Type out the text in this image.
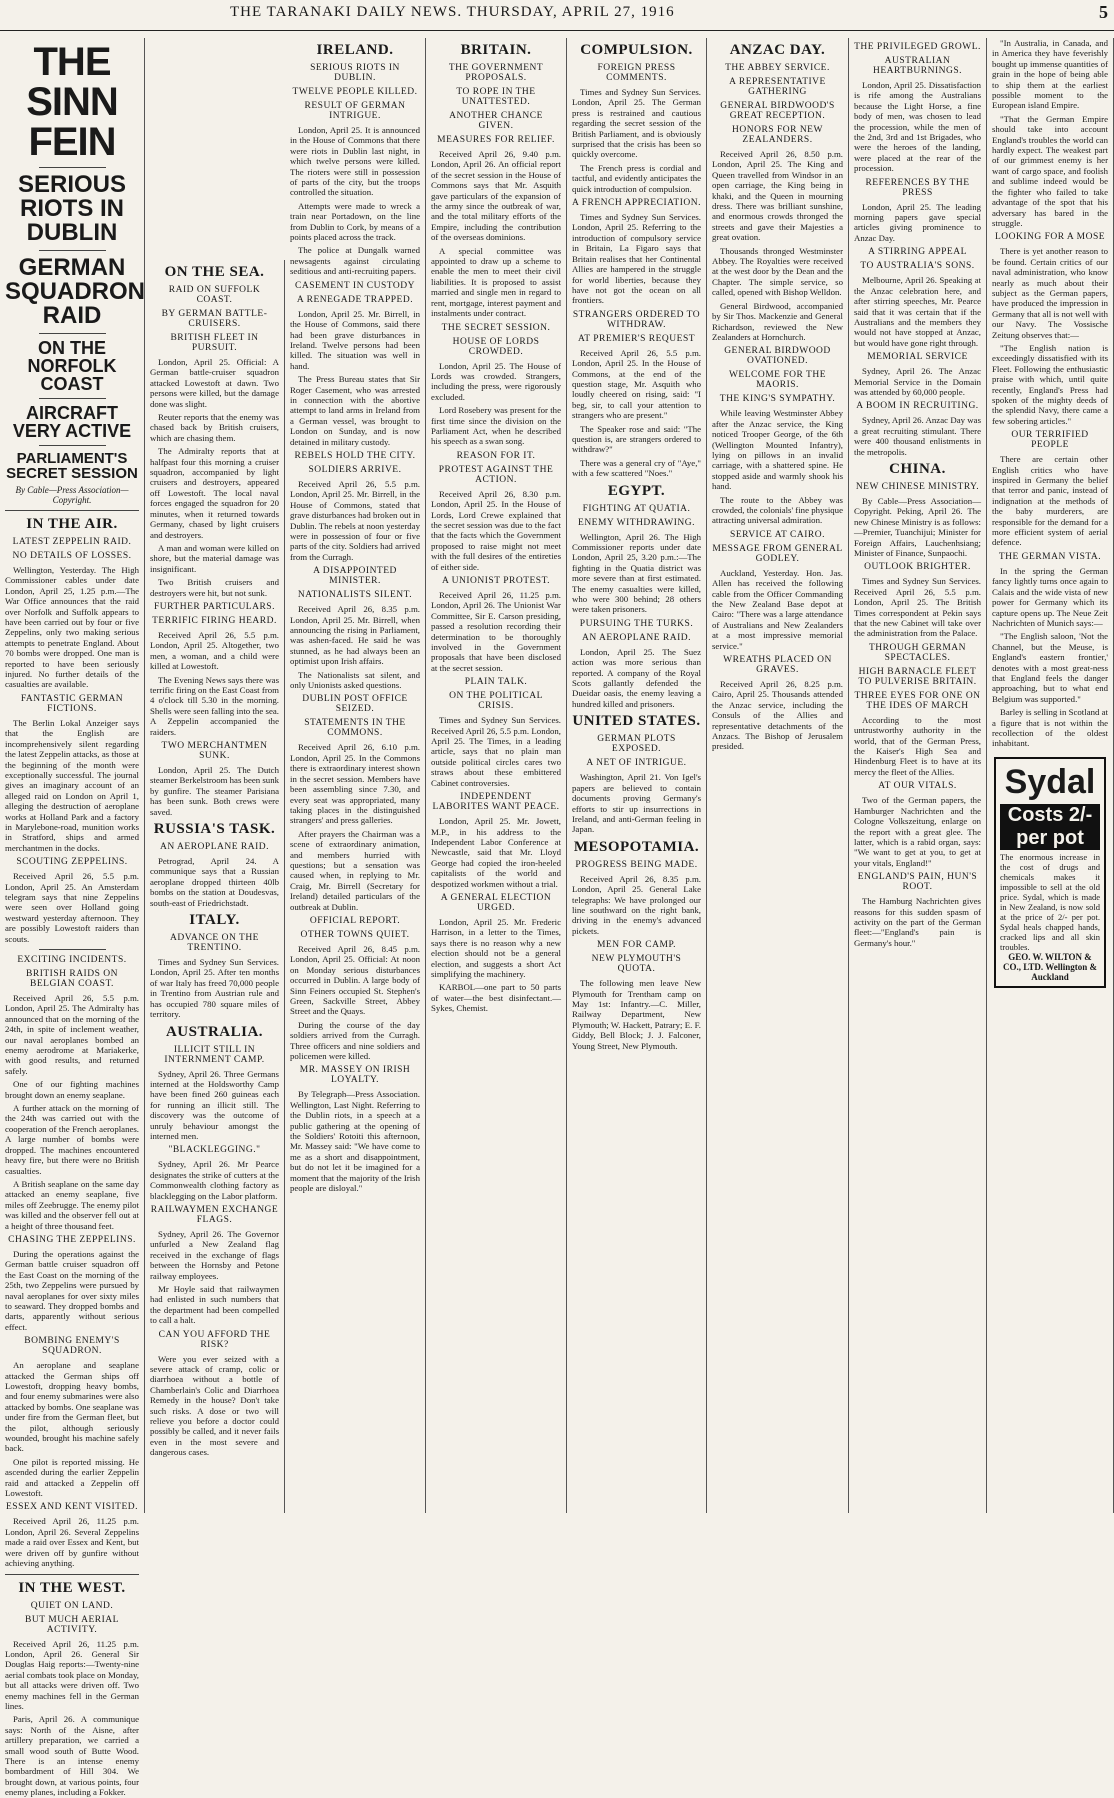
THE TARANAKI DAILY NEWS. THURSDAY, APRIL 27, 1916	5
THE SINN FEIN
SERIOUS RIOTS IN DUBLIN
GERMAN SQUADRON RAID
ON THE NORFOLK COAST
AIRCRAFT VERY ACTIVE
PARLIAMENT'S SECRET SESSION
By Cable—Press Association—Copyright.
IN THE AIR.
LATEST ZEPPELIN RAID.
NO DETAILS OF LOSSES.

Wellington, Yesterday. The High Commissioner cables under date London, April 25, 1.25 p.m.—The War Office announces that the raid over Norfolk and Suffolk appears to have been carried out by four or five Zeppelins, only two making serious attempts to penetrate England. About 70 bombs were dropped. One man is reported to have been seriously injured. No further details of the casualties are available.

FANTASTIC GERMAN FICTIONS.

The Berlin Lokal Anzeiger says that the English are incomprehensively silent regarding the latest Zeppelin attacks, as those at the beginning of the month were exceptionally successful. The journal gives an imaginary account of an alleged raid on London on April 1, alleging the destruction of aeroplane works at Holland Park and a factory in Marylebone-road, munition works in Stratford, ships and armed merchantmen in the docks.

SCOUTING ZEPPELINS.

Received April 26, 5.5 p.m. London, April 25. An Amsterdam telegram says that nine Zeppelins were seen over Holland going westward yesterday afternoon. They are possibly Lowestoft raiders than scouts.

EXCITING INCIDENTS.
BRITISH RAIDS ON BELGIAN COAST.

Received April 26, 5.5 p.m. London, April 25. The Admiralty has announced that on the morning of the 24th, in spite of inclement weather, our naval aeroplanes bombed an enemy aerodrome at Mariakerke, with good results, and returned safely.

One of our fighting machines brought down an enemy seaplane.

A further attack on the morning of the 24th was carried out with the cooperation of the French aeroplanes. A large number of bombs were dropped. The machines encountered heavy fire, but there were no British casualties.

A British seaplane on the same day attacked an enemy seaplane, five miles off Zeebrugge. The enemy pilot was killed and the observer fell out at a height of three thousand feet.

CHASING THE ZEPPELINS.

During the operations against the German battle cruiser squadron off the East Coast on the morning of the 25th, two Zeppelins were pursued by naval aeroplanes for over sixty miles to seaward. They dropped bombs and darts, apparently without serious effect.

BOMBING ENEMY'S SQUADRON.

An aeroplane and seaplane attacked the German ships off Lowestoft, dropping heavy bombs, and four enemy submarines were also attacked by bombs. One seaplane was under fire from the German fleet, but the pilot, although seriously wounded, brought his machine safely back.

One pilot is reported missing. He ascended during the earlier Zeppelin raid and attacked a Zeppelin off Lowestoft.

ESSEX AND KENT VISITED.

Received April 26, 11.25 p.m. London, April 26. Several Zeppelins made a raid over Essex and Kent, but were driven off by gunfire without achieving anything.

IN THE WEST.
QUIET ON LAND.
BUT MUCH AERIAL ACTIVITY.

Received April 26, 11.25 p.m. London, April 26. General Sir Douglas Haig reports:—Twenty-nine aerial combats took place on Monday, but all attacks were driven off. Two enemy machines fell in the German lines.

Paris, April 26. A communique says: North of the Aisne, after artillery preparation, we carried a small wood south of Butte Wood. There is an intense enemy bombardment of Hill 304. We brought down, at various points, four enemy planes, including a Fokker.

ON THE SEA.
RAID ON SUFFOLK COAST.
BY GERMAN BATTLE-CRUISERS.
BRITISH FLEET IN PURSUIT.

London, April 25. Official: A German battle-cruiser squadron attacked Lowestoft at dawn. Two persons were killed, but the damage done was slight.

Reuter reports that the enemy was chased back by British cruisers, which are chasing them.

The Admiralty reports that at halfpast four this morning a cruiser squadron, accompanied by light cruisers and destroyers, appeared off Lowestoft. The local naval forces engaged the squadron for 20 minutes, when it returned towards Germany, chased by light cruisers and destroyers.

A man and woman were killed on shore, but the material damage was insignificant.

Two British cruisers and destroyers were hit, but not sunk.

FURTHER PARTICULARS.
TERRIFIC FIRING HEARD.

Received April 26, 5.5 p.m. London, April 25. Altogether, two men, a woman, and a child were killed at Lowestoft.

The Evening News says there was terrific firing on the East Coast from 4 o'clock till 5.30 in the morning. Shells were seen falling into the sea. A Zeppelin accompanied the raiders.

TWO MERCHANTMEN SUNK.

London, April 25. The Dutch steamer Berkelstroom has been sunk by gunfire. The steamer Parisiana has been sunk. Both crews were saved.

RUSSIA'S TASK.
AN AEROPLANE RAID.

Petrograd, April 24. A communique says that a Russian aeroplane dropped thirteen 40lb bombs on the station at Doudesvas, south-east of Friedrichstadt.

ITALY.
ADVANCE ON THE TRENTINO.

Times and Sydney Sun Services. London, April 25. After ten months of war Italy has freed 70,000 people in Trentino from Austrian rule and has occupied 780 square miles of territory.

AUSTRALIA.
ILLICIT STILL IN INTERNMENT CAMP.

Sydney, April 26. Three Germans interned at the Holdsworthy Camp have been fined 260 guineas each for running an illicit still. The discovery was the outcome of unruly behaviour amongst the interned men.

"BLACKLEGGING."

Sydney, April 26. Mr Pearce designates the strike of cutters at the Commonwealth clothing factory as blacklegging on the Labor platform.

RAILWAYMEN EXCHANGE FLAGS.

Sydney, April 26. The Governor unfurled a New Zealand flag received in the exchange of flags between the Hornsby and Petone railway employees.

Mr Hoyle said that railwaymen had enlisted in such numbers that the department had been compelled to call a halt.

CAN YOU AFFORD THE RISK?

Were you ever seized with a severe attack of cramp, colic or diarrhoea without a bottle of Chamberlain's Colic and Diarrhoea Remedy in the house? Don't take such risks. A dose or two will relieve you before a doctor could possibly be called, and it never fails even in the most severe and dangerous cases.

IRELAND.
SERIOUS RIOTS IN DUBLIN.
TWELVE PEOPLE KILLED.
RESULT OF GERMAN INTRIGUE.

London, April 25. It is announced in the House of Commons that there were riots in Dublin last night, in which twelve persons were killed. The rioters were still in possession of parts of the city, but the troops controlled the situation.

Attempts were made to wreck a train near Portadown, on the line from Dublin to Cork, by means of a points placed across the track.

The police at Dungalk warned newsagents against circulating seditious and anti-recruiting papers.

CASEMENT IN CUSTODY
A RENEGADE TRAPPED.

London, April 25. Mr. Birrell, in the House of Commons, said there had been grave disturbances in Ireland. Twelve persons had been killed. The situation was well in hand.

The Press Bureau states that Sir Roger Casement, who was arrested in connection with the abortive attempt to land arms in Ireland from a German vessel, was brought to London on Sunday, and is now detained in military custody.

REBELS HOLD THE CITY.
SOLDIERS ARRIVE.

Received April 26, 5.5 p.m. London, April 25. Mr. Birrell, in the House of Commons, stated that grave disturbances had broken out in Dublin. The rebels at noon yesterday were in possession of four or five parts of the city. Soldiers had arrived from the Curragh.

A DISAPPOINTED MINISTER.
NATIONALISTS SILENT.

Received April 26, 8.35 p.m. London, April 25. Mr. Birrell, when announcing the rising in Parliament, was ashen-faced. He said he was stunned, as he had always been an optimist upon Irish affairs.

The Nationalists sat silent, and only Unionists asked questions.

DUBLIN POST OFFICE SEIZED.
STATEMENTS IN THE COMMONS.

Received April 26, 6.10 p.m. London, April 25. In the Commons there is extraordinary interest shown in the secret session. Members have been assembling since 7.30, and every seat was appropriated, many taking places in the distinguished strangers' and press galleries.

After prayers the Chairman was a scene of extraordinary animation, and members hurried with questions; but a sensation was caused when, in replying to Mr. Craig, Mr. Birrell (Secretary for Ireland) detailed particulars of the outbreak at Dublin.

OFFICIAL REPORT.
OTHER TOWNS QUIET.

Received April 26, 8.45 p.m. London, April 25. Official: At noon on Monday serious disturbances occurred in Dublin. A large body of Sinn Feiners occupied St. Stephen's Green, Sackville Street, Abbey Street and the Quays.

During the course of the day soldiers arrived from the Curragh. Three officers and nine soldiers and policemen were killed.

MR. MASSEY ON IRISH LOYALTY.

By Telegraph—Press Association. Wellington, Last Night. Referring to the Dublin riots, in a speech at a public gathering at the opening of the Soldiers' Rotoiti this afternoon, Mr. Massey said: "We have come to me as a short and disappointment, but do not let it be imagined for a moment that the majority of the Irish people are disloyal."

BRITAIN.
THE GOVERNMENT PROPOSALS.
TO ROPE IN THE UNATTESTED.
ANOTHER CHANCE GIVEN.
MEASURES FOR RELIEF.

Received April 26, 9.40 p.m. London, April 26. An official report of the secret session in the House of Commons says that Mr. Asquith gave particulars of the expansion of the army since the outbreak of war, and the total military efforts of the Empire, including the contribution of the overseas dominions.

A special committee was appointed to draw up a scheme to enable the men to meet their civil liabilities. It is proposed to assist married and single men in regard to rent, mortgage, interest payment and instalments under contract.

THE SECRET SESSION.
HOUSE OF LORDS CROWDED.

London, April 25. The House of Lords was crowded. Strangers, including the press, were rigorously excluded.

Lord Rosebery was present for the first time since the division on the Parliament Act, when he described his speech as a swan song.

REASON FOR IT.
PROTEST AGAINST THE ACTION.

Received April 26, 8.30 p.m. London, April 25. In the House of Lords, Lord Crewe explained that the secret session was due to the fact that the facts which the Government proposed to raise might not meet with the full desires of the entireties of either side.

A UNIONIST PROTEST.

Received April 26, 11.25 p.m. London, April 26. The Unionist War Committee, Sir E. Carson presiding, passed a resolution recording their determination to be thoroughly involved in the Government proposals that have been disclosed at the secret session.

PLAIN TALK.
ON THE POLITICAL CRISIS.

Times and Sydney Sun Services. Received April 26, 5.5 p.m. London, April 25. The Times, in a leading article, says that no plain man outside political circles cares two straws about these embittered Cabinet controversies.

INDEPENDENT LABORITES WANT PEACE.

London, April 25. Mr. Jowett, M.P., in his address to the Independent Labor Conference at Newcastle, said that Mr. Lloyd George had copied the iron-heeled capitalists of the world and despotized workmen without a trial.

A GENERAL ELECTION URGED.

London, April 25. Mr. Frederic Harrison, in a letter to the Times, says there is no reason why a new election should not be a general election, and suggests a short Act simplifying the machinery.

KARBOL—one part to 50 parts of water—the best disinfectant.—Sykes, Chemist.

COMPULSION.
FOREIGN PRESS COMMENTS.

Times and Sydney Sun Services. London, April 25. The German press is restrained and cautious regarding the secret session of the British Parliament, and is obviously surprised that the crisis has been so quickly overcome.

The French press is cordial and tactful, and evidently anticipates the quick introduction of compulsion.

A FRENCH APPRECIATION.

Times and Sydney Sun Services. London, April 25. Referring to the introduction of compulsory service in Britain, La Figaro says that Britain realises that her Continental Allies are hampered in the struggle for world liberties, because they have not got the ocean on all frontiers.

STRANGERS ORDERED TO WITHDRAW.
AT PREMIER'S REQUEST

Received April 26, 5.5 p.m. London, April 25. In the House of Commons, at the end of the question stage, Mr. Asquith who loudly cheered on rising, said: "I beg, sir, to call your attention to strangers who are present."

The Speaker rose and said: "The question is, are strangers ordered to withdraw?"

There was a general cry of "Aye," with a few scattered "Noes."

EGYPT.
FIGHTING AT QUATIA.
ENEMY WITHDRAWING.

Wellington, April 26. The High Commissioner reports under date London, April 25, 3.20 p.m.:—The fighting in the Quatia district was more severe than at first estimated. The enemy casualties were killed, who were 300 behind; 28 others were taken prisoners.

PURSUING THE TURKS.
AN AEROPLANE RAID.

London, April 25. The Suez action was more serious than reported. A company of the Royal Scots gallantly defended the Dueidar oasis, the enemy leaving a hundred killed and prisoners.

UNITED STATES.
GERMAN PLOTS EXPOSED.
A NET OF INTRIGUE.

Washington, April 21. Von Igel's papers are believed to contain documents proving Germany's efforts to stir up insurrections in Ireland, and anti-German feeling in Japan.

MESOPOTAMIA.
PROGRESS BEING MADE.

Received April 26, 8.35 p.m. London, April 25. General Lake telegraphs: We have prolonged our line southward on the right bank, driving in the enemy's advanced pickets.

MEN FOR CAMP.
NEW PLYMOUTH'S QUOTA.

The following men leave New Plymouth for Trentham camp on May 1st: Infantry.—C. Miller, Railway Department, New Plymouth; W. Hackett, Patrary; E. F. Giddy, Bell Block; J. J. Falconer, Young Street, New Plymouth.

ANZAC DAY.
THE ABBEY SERVICE.
A REPRESENTATIVE GATHERING
GENERAL BIRDWOOD'S GREAT RECEPTION.
HONORS FOR NEW ZEALANDERS.

Received April 26, 8.50 p.m. London, April 25. The King and Queen travelled from Windsor in an open carriage, the King being in khaki, and the Queen in mourning dress. There was brilliant sunshine, and enormous crowds thronged the streets and gave their Majesties a great ovation.

Thousands thronged Westminster Abbey. The Royalties were received at the west door by the Dean and the Chapter. The simple service, so called, opened with Bishop Welldon.

General Birdwood, accompanied by Sir Thos. Mackenzie and General Richardson, reviewed the New Zealanders at Hornchurch.

GENERAL BIRDWOOD OVATIONED.
WELCOME FOR THE MAORIS.
THE KING'S SYMPATHY.

While leaving Westminster Abbey after the Anzac service, the King noticed Trooper George, of the 6th (Wellington Mounted Infantry), lying on pillows in an invalid carriage, with a shattered spine. He stopped aside and warmly shook his hand.

The route to the Abbey was crowded, the colonials' fine physique attracting universal admiration.

SERVICE AT CAIRO.
MESSAGE FROM GENERAL GODLEY.

Auckland, Yesterday. Hon. Jas. Allen has received the following cable from the Officer Commanding the New Zealand Base depot at Cairo: "There was a large attendance of Australians and New Zealanders at a most impressive memorial service."

WREATHS PLACED ON GRAVES.

Received April 26, 8.25 p.m. Cairo, April 25. Thousands attended the Anzac service, including the Consuls of the Allies and representative detachments of the Anzacs. The Bishop of Jerusalem presided.

THE PRIVILEGED GROWL.
AUSTRALIAN HEARTBURNINGS.

London, April 25. Dissatisfaction is rife among the Australians because the Light Horse, a fine body of men, was chosen to lead the procession, while the men of the 2nd, 3rd and 1st Brigades, who were the heroes of the landing, were placed at the rear of the procession.

REFERENCES BY THE PRESS

London, April 25. The leading morning papers gave special articles giving prominence to Anzac Day.

A STIRRING APPEAL
TO AUSTRALIA'S SONS.

Melbourne, April 26. Speaking at the Anzac celebration here, and after stirring speeches, Mr. Pearce said that it was certain that if the Australians and the members they would not have stopped at Anzac, but would have gone right through.

MEMORIAL SERVICE

Sydney, April 26. The Anzac Memorial Service in the Domain was attended by 60,000 people.

A BOOM IN RECRUITING.

Sydney, April 26. Anzac Day was a great recruiting stimulant. There were 400 thousand enlistments in the metropolis.

CHINA.
NEW CHINESE MINISTRY.

By Cable—Press Association—Copyright. Peking, April 26. The new Chinese Ministry is as follows:—Premier, Tuanchijui; Minister for Foreign Affairs, Lauchenhsiang; Minister of Finance, Sunpaochi.

OUTLOOK BRIGHTER.

Times and Sydney Sun Services. Received April 26, 5.5 p.m. London, April 25. The British Times correspondent at Pekin says that the new Cabinet will take over the administration from the Palace.

THROUGH GERMAN SPECTACLES.
HIGH BARNACLE FLEET TO PULVERISE BRITAIN.
THREE EYES FOR ONE ON THE IDES OF MARCH

According to the most untrustworthy authority in the world, that of the German Press, the Kaiser's High Sea and Hindenburg Fleet is to have at its mercy the fleet of the Allies.

AT OUR VITALS.

Two of the German papers, the Hamburger Nachrichten and the Cologne Volkszeitung, enlarge on the report with a great glee. The latter, which is a rabid organ, says: "We want to get at you, to get at your vitals, England!"

ENGLAND'S PAIN, HUN'S ROOT.

The Hamburg Nachrichten gives reasons for this sudden spasm of activity on the part of the German fleet:—"England's pain is Germany's hour."

"In Australia, in Canada, and in America they have feverishly bought up immense quantities of grain in the hope of being able to ship them at the earliest possible moment to the European island Empire.

"That the German Empire should take into account England's troubles the world can hardly expect. The weakest part of our grimmest enemy is her want of cargo space, and foolish and sublime indeed would be the fighter who failed to take advantage of the spot that his adversary has bared in the struggle.

LOOKING FOR A MOSE

There is yet another reason to be found. Certain critics of our naval administration, who know nearly as much about their subject as the German papers, have produced the impression in Germany that all is not well with our Navy. The Vossische Zeitung observes that:—

"The English nation is exceedingly dissatisfied with its Fleet. Following the enthusiastic praise with which, until quite recently, England's Press had spoken of the mighty deeds of the splendid Navy, there came a few sobering articles."

OUR TERRIFIED PEOPLE

There are certain other English critics who have inspired in Germany the belief that terror and panic, instead of indignation at the methods of the baby murderers, are responsible for the demand for a more efficient system of aerial defence.

THE GERMAN VISTA.

In the spring the German fancy lightly turns once again to Calais and the wide vista of new power for Germany which its capture opens up. The Neue Zeit Nachrichten of Munich says:—

"The English saloon, 'Not the Channel, but the Meuse, is England's eastern frontier,' denotes with a most great-ness that England feels the danger approaching, but to what end Belgium was supported."

Barley is selling in Scotland at a figure that is not within the recollection of the oldest inhabitant.

Sydal
Costs 2/- per pot
The enormous increase in the cost of drugs and chemicals makes it impossible to sell at the old price. Sydal, which is made in New Zealand, is now sold at the price of 2/- per pot. Sydal heals chapped hands, cracked lips and all skin troubles.
GEO. W. WILTON & CO., LTD. Wellington & Auckland
